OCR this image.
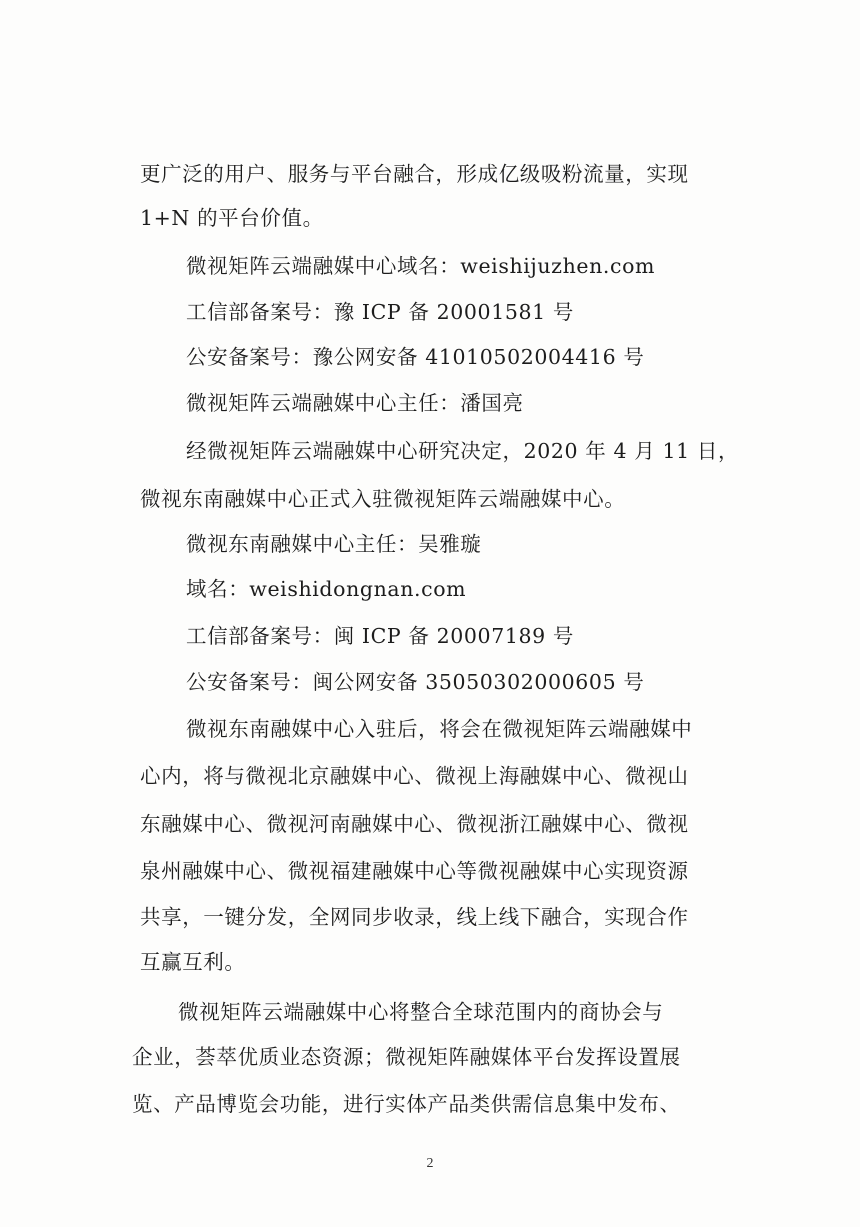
更广泛的用户、服务与平台融合，形成亿级吸粉流量，实现

1+N 的平台价值。

微视矩阵云端融媒中心域名：weishijuzhen.com

工信部备案号：豫 ICP 备 20001581 号

公安备案号：豫公网安备 41010502004416 号

微视矩阵云端融媒中心主任：潘国亮

经微视矩阵云端融媒中心研究决定，2020 年 4 月 11 日，

微视东南融媒中心正式入驻微视矩阵云端融媒中心。

微视东南融媒中心主任：吴雅璇

域名：weishidongnan.com

工信部备案号：闽 ICP 备 20007189 号

公安备案号：闽公网安备 35050302000605 号

微视东南融媒中心入驻后，将会在微视矩阵云端融媒中

心内，将与微视北京融媒中心、微视上海融媒中心、微视山

东融媒中心、微视河南融媒中心、微视浙江融媒中心、微视

泉州融媒中心、微视福建融媒中心等微视融媒中心实现资源

共享，一键分发，全网同步收录，线上线下融合，实现合作

互赢互利。

微视矩阵云端融媒中心将整合全球范围内的商协会与

企业，荟萃优质业态资源；微视矩阵融媒体平台发挥设置展

览、产品博览会功能，进行实体产品类供需信息集中发布、

2
